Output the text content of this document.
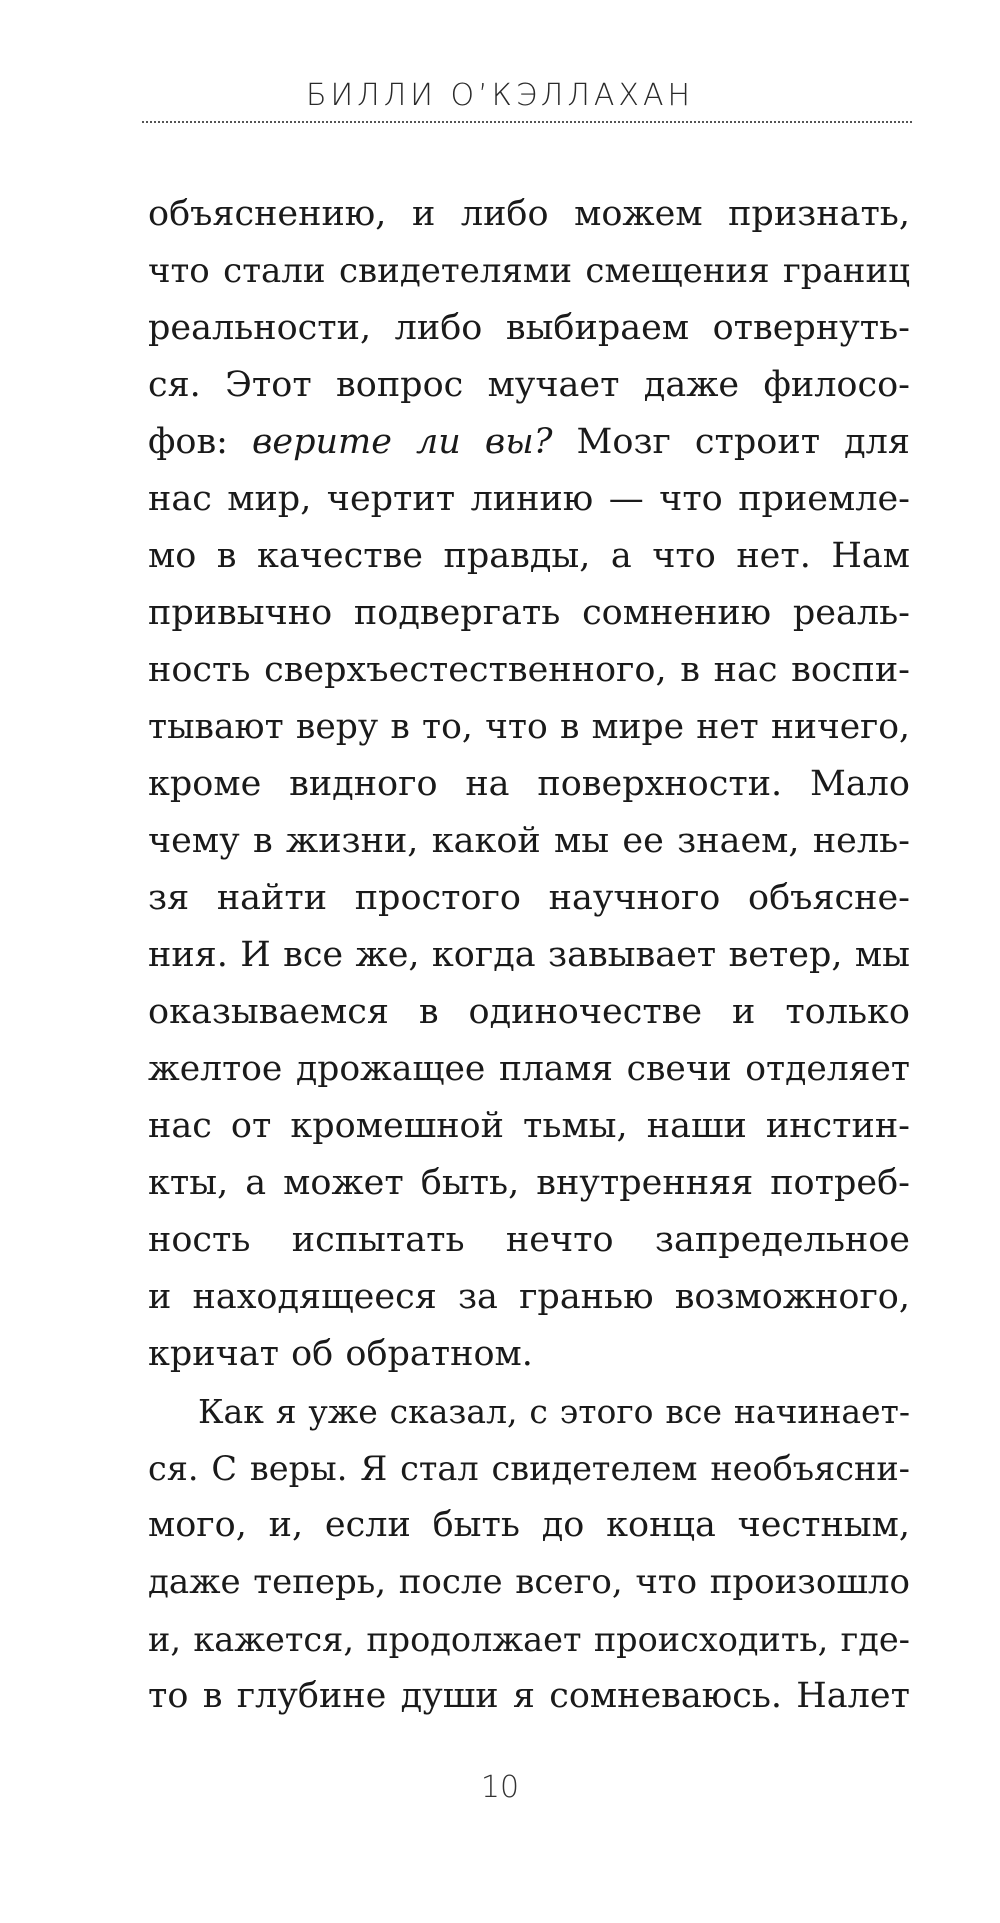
БИЛЛИ О’КЭЛЛАХАН
объяснению, и либо можем признать,
что стали свидетелями смещения границ
реальности, либо выбираем отвернуть-
ся. Этот вопрос мучает даже филосо-
фов: верите ли вы? Мозг строит для
нас мир, чертит линию — что приемле-
мо в качестве правды, а что нет. Нам
привычно подвергать сомнению реаль-
ность сверхъестественного, в нас воспи-
тывают веру в то, что в мире нет ничего,
кроме видного на поверхности. Мало
чему в жизни, какой мы ее знаем, нель-
зя найти простого научного объясне-
ния. И все же, когда завывает ветер, мы
оказываемся в одиночестве и только
желтое дрожащее пламя свечи отделяет
нас от кромешной тьмы, наши инстин-
кты, а может быть, внутренняя потреб-
ность испытать нечто запредельное
и находящееся за гранью возможного,
кричат об обратном.
Как я уже сказал, с этого все начинает-
ся. С веры. Я стал свидетелем необъясни-
мого, и, если быть до конца честным,
даже теперь, после всего, что произошло
и, кажется, продолжает происходить, где-
то в глубине души я сомневаюсь. Налет
10
